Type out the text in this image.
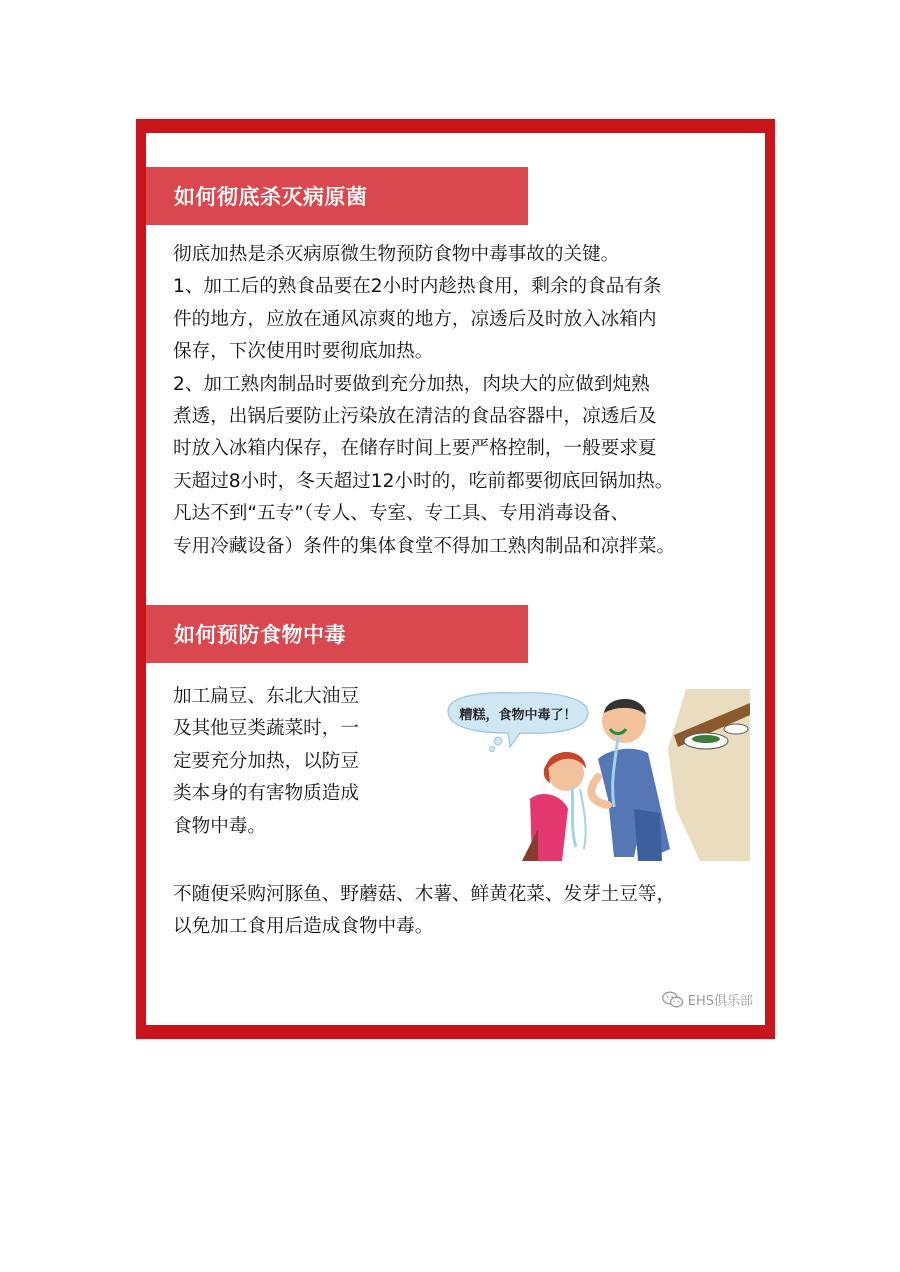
如何彻底杀灭病原菌

彻底加热是杀灭病原微生物预防食物中毒事故的关键。

1、加工后的熟食品要在2小时内趁热食用，剩余的食品有条

件的地方，应放在通风凉爽的地方，凉透后及时放入冰箱内

保存，下次使用时要彻底加热。

2、加工熟肉制品时要做到充分加热，肉块大的应做到炖熟

煮透，出锅后要防止污染放在清洁的食品容器中，凉透后及

时放入冰箱内保存，在储存时间上要严格控制，一般要求夏

天超过8小时，冬天超过12小时的，吃前都要彻底回锅加热。

凡达不到“五专”（专人、专室、专工具、专用消毒设备、

专用冷藏设备）条件的集体食堂不得加工熟肉制品和凉拌菜。

如何预防食物中毒

加工扁豆、东北大油豆

及其他豆类蔬菜时，一

定要充分加热，以防豆

类本身的有害物质造成

食物中毒。

糟糕，食物中毒了！

不随便采购河豚鱼、野蘑菇、木薯、鲜黄花菜、发芽土豆等，

以免加工食用后造成食物中毒。

EHS俱乐部
